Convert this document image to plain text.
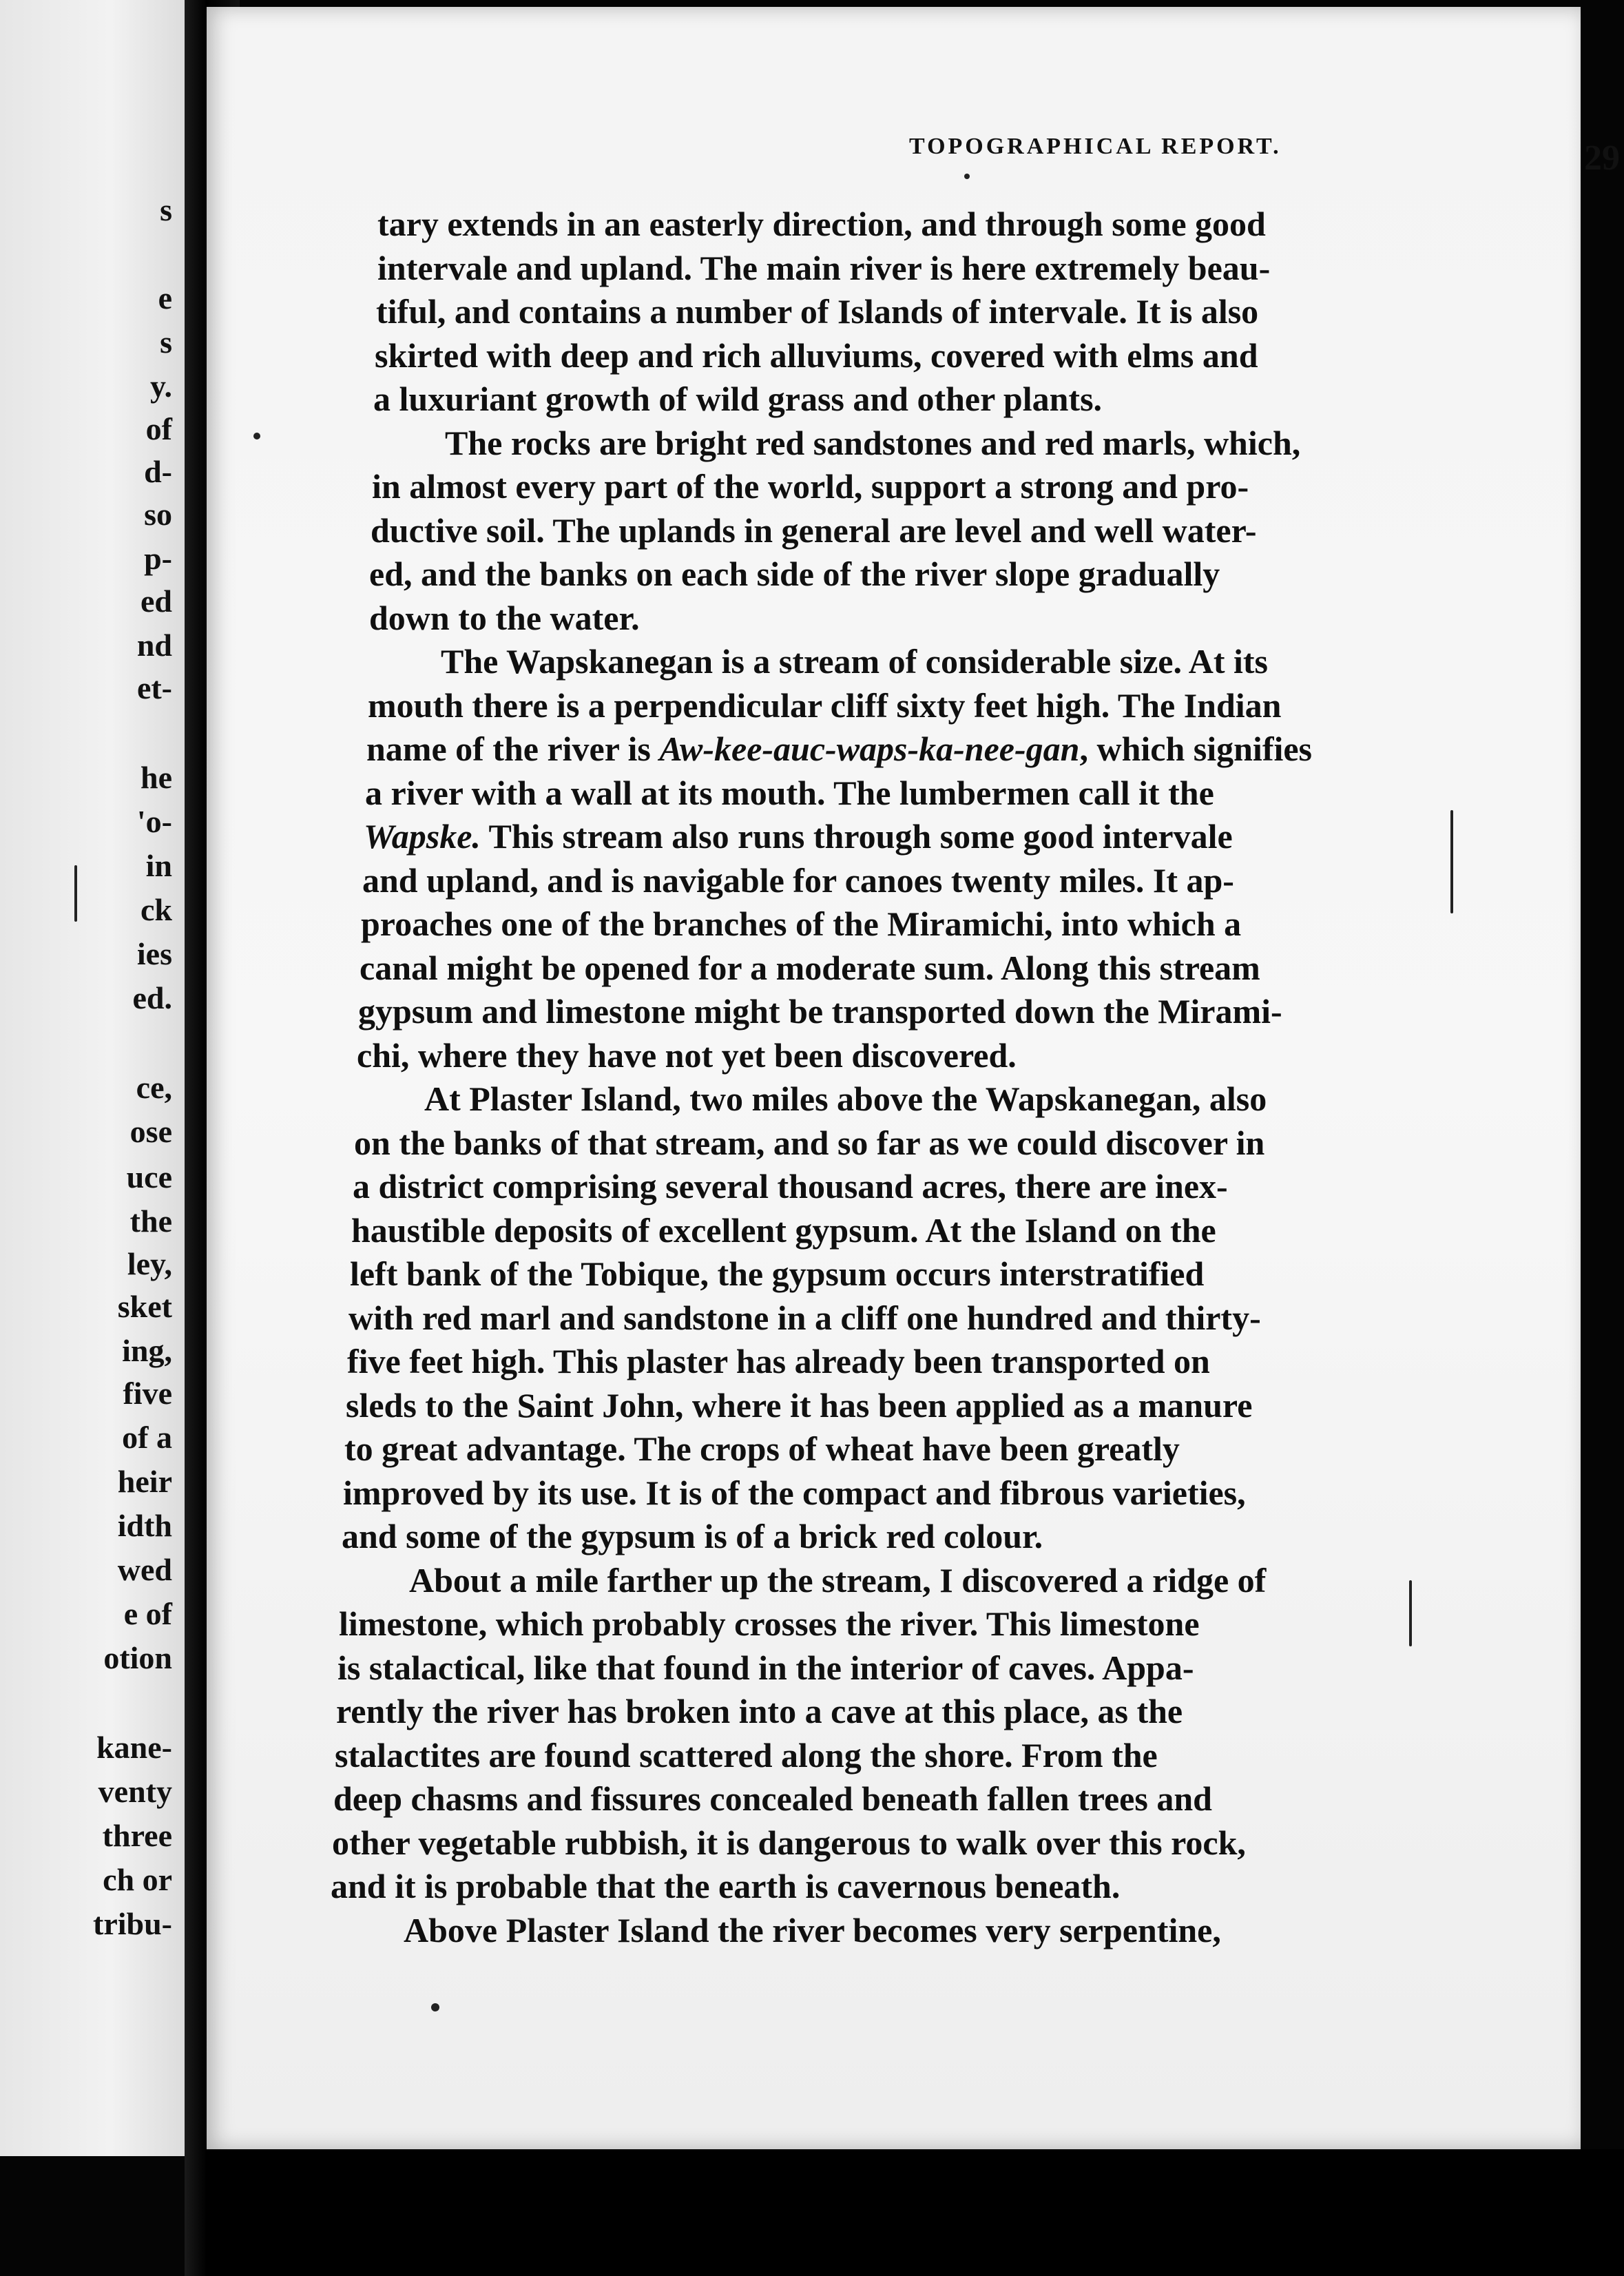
s
e
s
y.
of
d-
so
p-
ed
nd
et-
he
'o-
in
ck
ies
ed.
ce,
ose
uce
the
ley,
sket
ing,
five
of a
heir
idth
wed
e of
otion
kane-
venty
three
ch or
tribu-
TOPOGRAPHICAL REPORT.	29
tary extends in an easterly direction, and through some good
intervale and upland. The main river is here extremely beau-
tiful, and contains a number of Islands of intervale. It is also
skirted with deep and rich alluviums, covered with elms and
a luxuriant growth of wild grass and other plants.
The rocks are bright red sandstones and red marls, which,
in almost every part of the world, support a strong and pro-
ductive soil. The uplands in general are level and well water-
ed, and the banks on each side of the river slope gradually
down to the water.
The Wapskanegan is a stream of considerable size. At its
mouth there is a perpendicular cliff sixty feet high. The Indian
name of the river is Aw-kee-auc-waps-ka-nee-gan, which signifies
a river with a wall at its mouth. The lumbermen call it the
Wapske. This stream also runs through some good intervale
and upland, and is navigable for canoes twenty miles. It ap-
proaches one of the branches of the Miramichi, into which a
canal might be opened for a moderate sum. Along this stream
gypsum and limestone might be transported down the Mirami-
chi, where they have not yet been discovered.
At Plaster Island, two miles above the Wapskanegan, also
on the banks of that stream, and so far as we could discover in
a district comprising several thousand acres, there are inex-
haustible deposits of excellent gypsum. At the Island on the
left bank of the Tobique, the gypsum occurs interstratified
with red marl and sandstone in a cliff one hundred and thirty-
five feet high. This plaster has already been transported on
sleds to the Saint John, where it has been applied as a manure
to great advantage. The crops of wheat have been greatly
improved by its use. It is of the compact and fibrous varieties,
and some of the gypsum is of a brick red colour.
About a mile farther up the stream, I discovered a ridge of
limestone, which probably crosses the river. This limestone
is stalactical, like that found in the interior of caves. Appa-
rently the river has broken into a cave at this place, as the
stalactites are found scattered along the shore. From the
deep chasms and fissures concealed beneath fallen trees and
other vegetable rubbish, it is dangerous to walk over this rock,
and it is probable that the earth is cavernous beneath.
Above Plaster Island the river becomes very serpentine,
